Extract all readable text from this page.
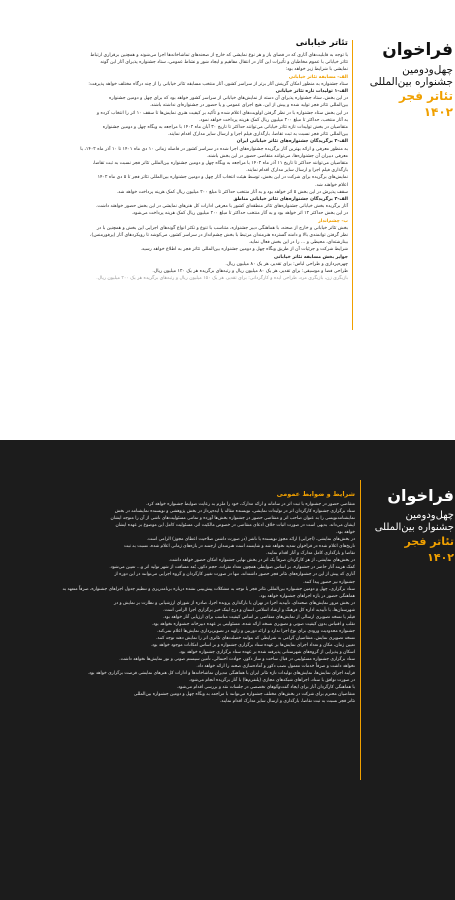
فراخوان
چهل‌ودومین
جشنواره بین‌المللی
تئاتر فجر
۱۴۰۲
تئاتر خیابانی

با توجه به قابلیت‌های آثاری که در فضای باز و هر نوع نمایشی که خارج از صحنه‌های تماشاخانه‌ها اجرا می‌شوند و همچنین برقراری ارتباط

تئاتر خیابانی با عموم مخاطبان و تأثیرات این آثار در انتقال مفاهیم و ایجاد شور و نشاط عمومی، ستاد جشنواره پذیرای آثار این گونه

نمایشی با شرایط زیر خواهد بود:

الف- مسابقه تئاتر خیابانی

ستاد جشنواره به منظور امکان گزینش آثار برتر از سراسر کشور، آثار منتخب مسابقه تئاتر خیابانی را از چند درگاه مختلف خواهد پذیرفت:

الف-۱ تولیدات تازه تئاتر خیابانی

در این بخش، ستاد جشنواره پذیرای آن دسته از نمایش‌های خیابانی از سراسر کشور خواهد بود که برای چهل و دومین جشنواره

بین‌المللی تئاتر فجر تولید شده و پیش از این، هیچ اجرای عمومی و یا حضور در جشنواره‌ای نداشته باشند.

در این بخش ستاد جشنواره با در نظر گرفتن اولویت‌های اعلام شده و تأکید بر کیفیت هنری نمایش‌ها تا سقف ۱۰ اثر را انتخاب کرده و

به آثار منتخب، حداکثر تا مبلغ ۲۰۰ میلیون ریال کمک هزینه پرداخت خواهد نمود.

متقاضیان در بخش تولیدات تازه تئاتر خیابانی می‌توانند حداکثر تا تاریخ ۳۰ آبان ماه ۱۴۰۲ با مراجعه به وبگاه چهل و دومین جشنواره

بین‌المللی تئاتر فجر نسبت به ثبت تقاضا، بارگذاری فیلم اجرا و ارسال سایر مدارک اقدام نمایند.

الف-۲ برگزیدگان جشنواره‌های تئاتر خیابانی ایران

به منظور معرفی و ارائه بهترین آثار برگزیده جشنواره‌های اجرا شده در سراسر کشور در فاصله زمانی ۱۰ دی ماه ۱۴۰۱ تا ۱۰ آذر ماه ۱۴۰۲، با

معرفی دبیران آن جشنواره‌ها، می‌توانند متقاضی حضور در این بخش باشند.

متقاضیان می‌توانند حداکثر تا تاریخ ۱۱ آذر ماه ۱۴۰۲ با مراجعه به وبگاه چهل و دومین جشنواره بین‌المللی تئاتر فجر نسبت به ثبت تقاضا،

بارگذاری فیلم اجرا و ارسال سایر مدارک اقدام نمایند.

نمایش‌های برگزیده برای شرکت در این بخش، توسط هیئت انتخاب آثار چهل و دومین جشنواره بین‌المللی تئاتر فجر تا ۵ دی ماه ۱۴۰۲

اعلام خواهند شد.

سقف پذیرش در این بخش ۵ اثر خواهد بود و به آثار منتخب حداکثر تا مبلغ ۲۰۰ میلیون ریال کمک هزینه پرداخت خواهد شد.

الف-۳ برگزیدگان جشنواره‌های تئاتر خیابانی مناطق

آثار برگزیده بخش خیابانی جشنواره‌های تئاتر منطقه‌ای کشور با معرفی ادارات کل هنرهای نمایشی در این بخش حضور خواهند داشت.

در این بخش حداکثر ۱۲ اثر خواهد بود و به آثار منتخب حداکثر تا مبلغ ۲۰۰ میلیون ریال کمک هزینه پرداخت می‌شود.

ب- چشم‌انداز

بخش تئاتر خیابانی و خارج از صحنه، با هماهنگی دبیر جشنواره، متناسب با تنوع و تکثر انواع گونه‌های اجرایی این بخش و همچنین با در

نظر گرفتن توانمندی بالا و دامنه گسترده هنرمندان مرتبط با بخش چشم‌انداز در سراسر کشور، می‌کوشد تا رویکردهای آثار (پرفورمنس)،

بینارشته‌ای، محیطی و ... را در این بخش فعال نماید.

شرایط شرکت و جزئیات آن از طریق وبگاه چهل و دومین جشنواره بین‌المللی تئاتر فجر به اطلاع خواهد رسید.

جوایز بخش مسابقه تئاتر خیابانی

چهره‌پردازی و طراحی لباس: برای تقدیر، هر یک ۸۰ میلیون ریال.

طراحی فضا و موسیقی: برای تقدیر، هر یک ۸۰ میلیون ریال و رتبه‌های برگزیده هر یک ۱۲۰ میلیون ریال.

بازیگری زن، بازیگری مرد، طراحی ایده و کارگردانی: برای تقدیر، هر یک ۱۵۰ میلیون ریال و رتبه‌های برگزیده هر یک ۲۰۰ میلیون ریال.

فراخوان
چهل‌ودومین
جشنواره بین‌المللی
تئاتر فجر
۱۴۰۲
شرایط و ضوابط عمومی

متقاضی حضور در جشنواره با ثبت اثر در سامانه و ارائه مدارک، خود را ملزم به رعایت ضوابط جشنواره خواهد کرد.

ستاد برگزاری جشنواره کارگردان اثر در تولیدات نمایشی، نویسنده مقاله یا ایده‌پرداز در بخش پژوهشی و نویسنده نمایشنامه در بخش

نمایشنامه‌نویسی را به عنوان صاحب اثر و متقاضی حضور در جشنواره بخش‌ها آورده و تمامی مسئولیت‌های ناشی از آن را متوجه ایشان

ایشان می‌داند. بدیهی است در صورت اثبات خلاف ادعای متقاضی در خصوص مالکیت اثر، مسئولیت کامل این موضوع بر عهده ایشان

خواهد بود.

در بخش‌های نمایشی، (اجرایی) ارائه مجوز نویسنده یا ناشر (در صورت داشتن صلاحیت اعطای مجوز) الزامی است.

تاریخ‌های اعلام شده در فراخوان تمدید نخواهد شد و شایسته است هنرمندان ارجمند در بازه‌های زمانی اعلام شده، نسبت به ثبت

تقاضا و بارگذاری کامل مدارک و آثار اقدام نمایند.

در بخش‌های نمایشی، از هر کارگردان صرفاً یک اثر در بخش نهایی جشنواره امکان حضور خواهد داشت.

کمک هزینه آثار حاضر در جشنواره، بر اساس ضوابطی همچون تعداد نفرات، حجم دکور، بُعد مسافت از شهر تولید اثر و... تعیین می‌شود.

آثاری که پیش از این در جشنواره‌های تئاتر فجر حضور داشته‌اند، تنها در صورت تغییر کارگردان و گروه اجرایی می‌توانند در این دوره از

جشنواره نیز حضور پیدا کنند.

ستاد برگزاری، چهل و دومین جشنواره بین‌المللی تئاتر فجر با توجه به مشکلات پیش‌بینی نشده درباره برنامه‌ریزی و تنظیم جدول اجراهای جشنواره، صرفاً متعهد به

هماهنگی حضور در بازه اجراهای جشنواره خواهد بود.

در بخش مرور نمایش‌های صحنه‌ای، تأییدیه اجرا در تهران یا بارگذاری پرونده اجرا، صادره از شوراي ارزشیابی و نظارت بر نمایش و در

شهرستان‌ها، با تأییدیه اداره کل فرهنگ و ارشاد اسلامی استان و درج لینک خبر برگزاری اجرا الزامی است.

فیلم یا نسخه تصویری ارسالی از نمایش‌های متقاضی بر اساس کیفیت مناسب برای ارزیابی آثار خواهد بود.

تقلب و اقتباس بدون کیفیت صوتی و تصویری نسخه ارائه شده، مسئولیتی بر عهده دبیرخانه جشنواره نخواهد بود.

جشنواره محدودیت ورودی برای نوع اجرا ندارد و ارائه دوربین و زاویه در تصویربرداری نمایش‌ها اعلام نمی‌کند.

نسخه تصویری نمایش، متقاضیان گرامی به شرایطی که بتوانند خصلت‌های تئاتری اثر را نمایش دهند توجه کنند.

تعیین زمان، مکان و تعداد اجرای نمایش‌ها بر عهده ستاد برگزاری جشنواره و بر اساس امکانات موجود خواهد بود.

اسکان و پذیرایی از گروه‌های شهرستانی پذیرفته شده بر عهده ستاد برگزاری جشنواره خواهد بود.

ستاد برگزاری جشنواره مسئولیتی در قبال ساخت و ساز دکور، حوادث احتمالی، تأمین سیستم صوتی و نور نمایش‌ها نخواهد داشت.

نخواهد داشت و صرفاً خدمات معمول نصب دکور و آماده‌سازی صحنه را ارائه خواهد داد.

فرایند اجرای نمایش‌ها، نمایش‌های تولیدات تازه تئاتر ایران با هماهنگی مدیران تماشاخانه‌ها و ادارات کل هنرهای نمایشی فرصت برگزاری خواهد بود.

در صورت توافق با ستاد، اجراهای شبکه‌های مجازی (پلتفرم‌ها) با آثار برگزیده انجام می‌شود.

با هماهنگی کارگردان آثار برای ایجاد گفت‌وگوهای تخصصی در جلسات نقد و بررسی اقدام می‌شود.

متقاضیان محترم برای شرکت در بخش‌های مختلف جشنواره می‌توانند با مراجعه به وبگاه چهل و دومین جشنواره بین‌المللی

تئاتر فجر نسبت به ثبت تقاضا، بارگذاری و ارسال سایر مدارک اقدام نمایند.
